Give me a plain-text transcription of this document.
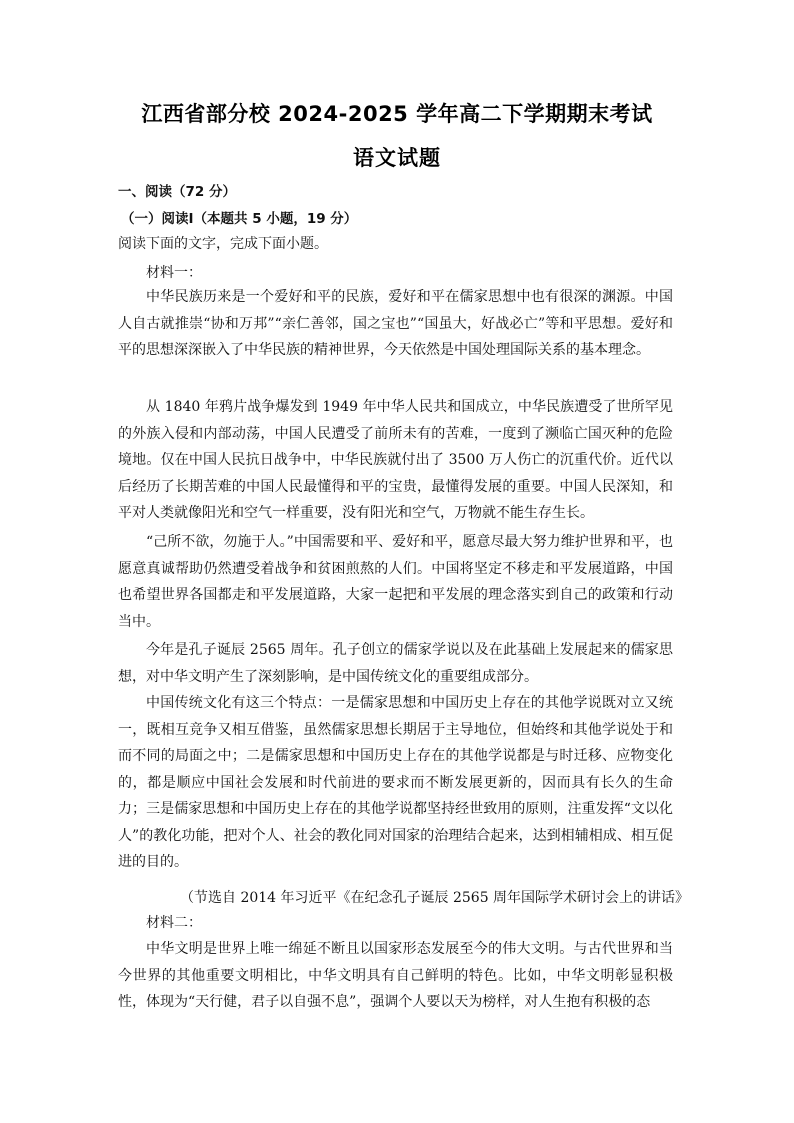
江西省部分校 2024-2025 学年高二下学期期末考试
语文试题
一、阅读（72 分）
（一）阅读Ⅰ（本题共 5 小题，19 分）
阅读下面的文字，完成下面小题。
材料一：

中华民族历来是一个爱好和平的民族，爱好和平在儒家思想中也有很深的渊源。中国人自古就推崇“协和万邦”“亲仁善邻，国之宝也”“国虽大，好战必亡”等和平思想。爱好和平的思想深深嵌入了中华民族的精神世界，今天依然是中国处理国际关系的基本理念。

从 1840 年鸦片战争爆发到 1949 年中华人民共和国成立，中华民族遭受了世所罕见的外族入侵和内部动荡，中国人民遭受了前所未有的苦难，一度到了濒临亡国灭种的危险境地。仅在中国人民抗日战争中，中华民族就付出了 3500 万人伤亡的沉重代价。近代以后经历了长期苦难的中国人民最懂得和平的宝贵，最懂得发展的重要。中国人民深知，和平对人类就像阳光和空气一样重要，没有阳光和空气，万物就不能生存生长。

“己所不欲，勿施于人。”中国需要和平、爱好和平，愿意尽最大努力维护世界和平，也愿意真诚帮助仍然遭受着战争和贫困煎熬的人们。中国将坚定不移走和平发展道路，中国也希望世界各国都走和平发展道路，大家一起把和平发展的理念落实到自己的政策和行动当中。

今年是孔子诞辰 2565 周年。孔子创立的儒家学说以及在此基础上发展起来的儒家思想，对中华文明产生了深刻影响，是中国传统文化的重要组成部分。

中国传统文化有这三个特点：一是儒家思想和中国历史上存在的其他学说既对立又统一，既相互竞争又相互借鉴，虽然儒家思想长期居于主导地位，但始终和其他学说处于和而不同的局面之中；二是儒家思想和中国历史上存在的其他学说都是与时迁移、应物变化的，都是顺应中国社会发展和时代前进的要求而不断发展更新的，因而具有长久的生命力；三是儒家思想和中国历史上存在的其他学说都坚持经世致用的原则，注重发挥“文以化人”的教化功能，把对个人、社会的教化同对国家的治理结合起来，达到相辅相成、相互促进的目的。

（节选自 2014 年习近平《在纪念孔子诞辰 2565 周年国际学术研讨会上的讲话》
材料二：

中华文明是世界上唯一绵延不断且以国家形态发展至今的伟大文明。与古代世界和当今世界的其他重要文明相比，中华文明具有自己鲜明的特色。比如，中华文明彰显积极性，体现为“天行健，君子以自强不息”，强调个人要以天为榜样，对人生抱有积极的态
